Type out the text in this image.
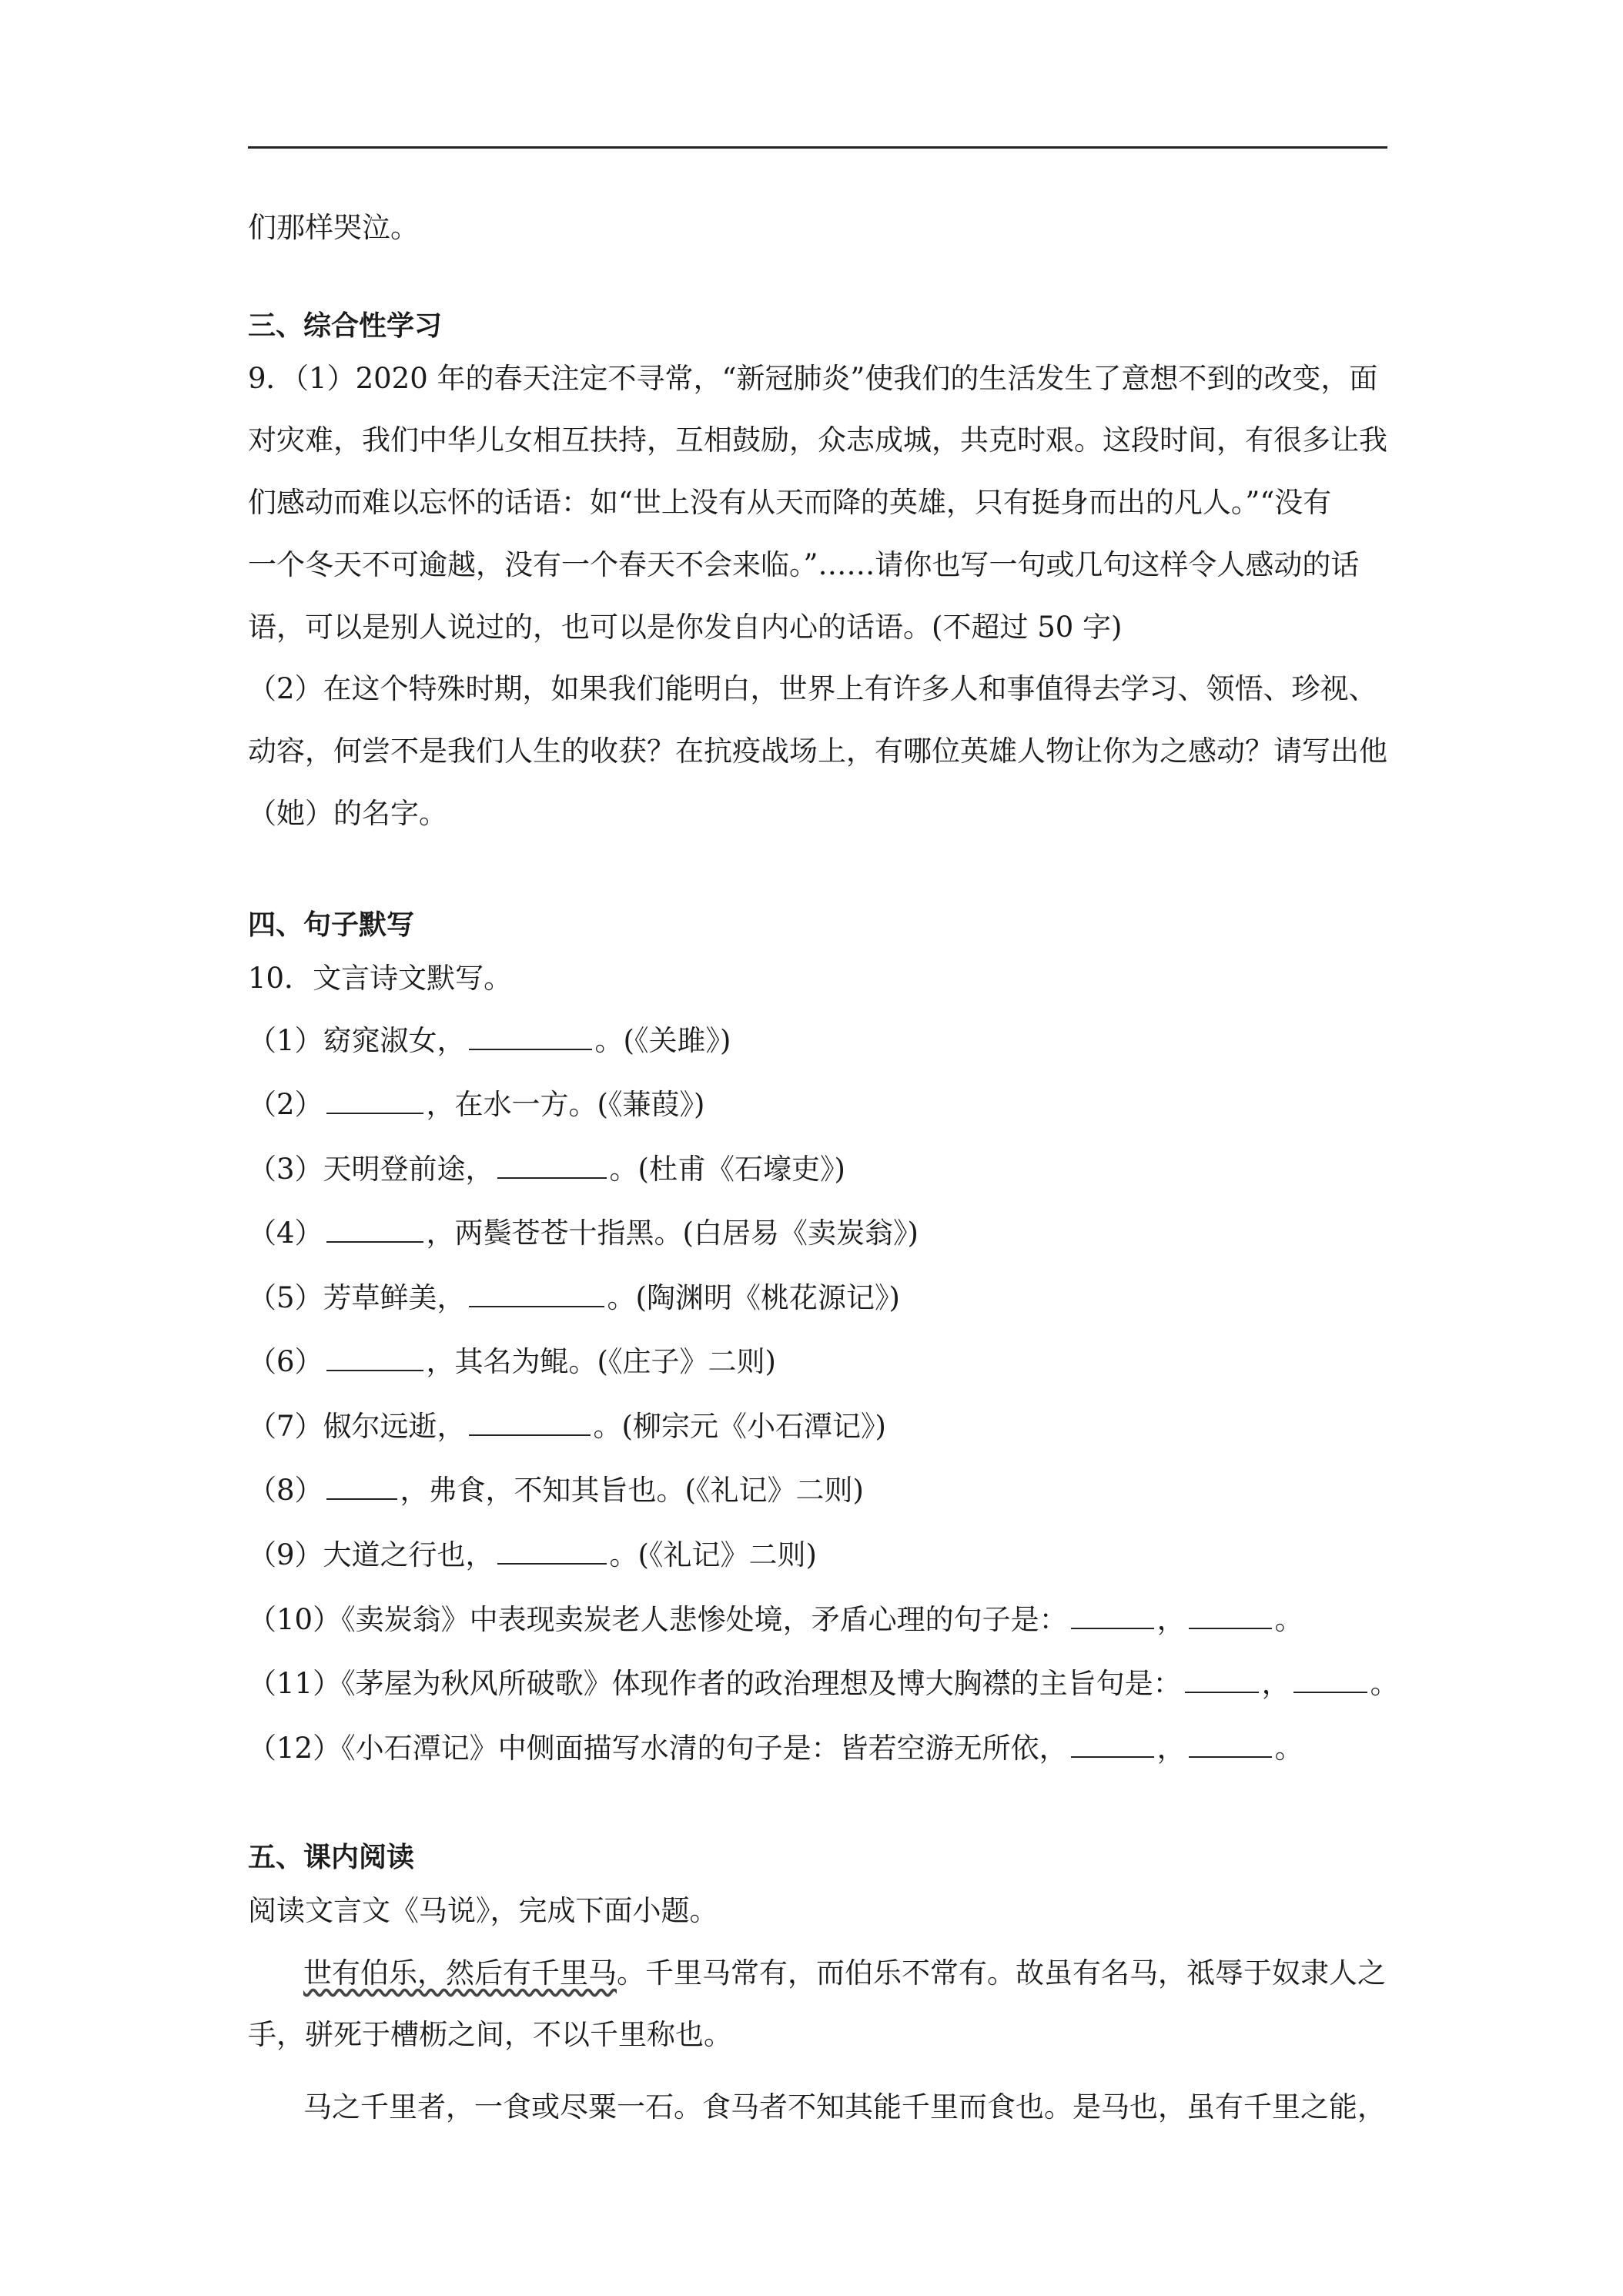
们那样哭泣。
三、综合性学习
9．（1）2020 年的春天注定不寻常，“新冠肺炎”使我们的生活发生了意想不到的改变，面
对灾难，我们中华儿女相互扶持，互相鼓励，众志成城，共克时艰。这段时间，有很多让我
们感动而难以忘怀的话语：如“世上没有从天而降的英雄，只有挺身而出的凡人。”“没有
一个冬天不可逾越，没有一个春天不会来临。”……请你也写一句或几句这样令人感动的话
语，可以是别人说过的，也可以是你发自内心的话语。(不超过 50 字)
（2）在这个特殊时期，如果我们能明白，世界上有许多人和事值得去学习、领悟、珍视、
动容，何尝不是我们人生的收获？在抗疫战场上，有哪位英雄人物让你为之感动？请写出他
（她）的名字。
四、句子默写
10．文言诗文默写。
（1）窈窕淑女，	。(《关雎》)
（2）	，在水一方。(《蒹葭》)
（3）天明登前途，	。(杜甫《石壕吏》)
（4）	，两鬓苍苍十指黑。(白居易《卖炭翁》)
（5）芳草鲜美，	。(陶渊明《桃花源记》)
（6）	，其名为鲲。(《庄子》二则)
（7）俶尔远逝，	。(柳宗元《小石潭记》)
（8）	，弗食，不知其旨也。(《礼记》二则)
（9）大道之行也，	。(《礼记》二则)
（10）《卖炭翁》中表现卖炭老人悲惨处境，矛盾心理的句子是：	，	。
（11）《茅屋为秋风所破歌》体现作者的政治理想及博大胸襟的主旨句是：	，	。
（12）《小石潭记》中侧面描写水清的句子是：皆若空游无所依，	，	。
五、课内阅读
阅读文言文《马说》，完成下面小题。
世有伯乐，然后有千里马。千里马常有，而伯乐不常有。故虽有名马，祗辱于奴隶人之
手，骈死于槽枥之间，不以千里称也。
马之千里者，一食或尽粟一石。食马者不知其能千里而食也。是马也，虽有千里之能，
